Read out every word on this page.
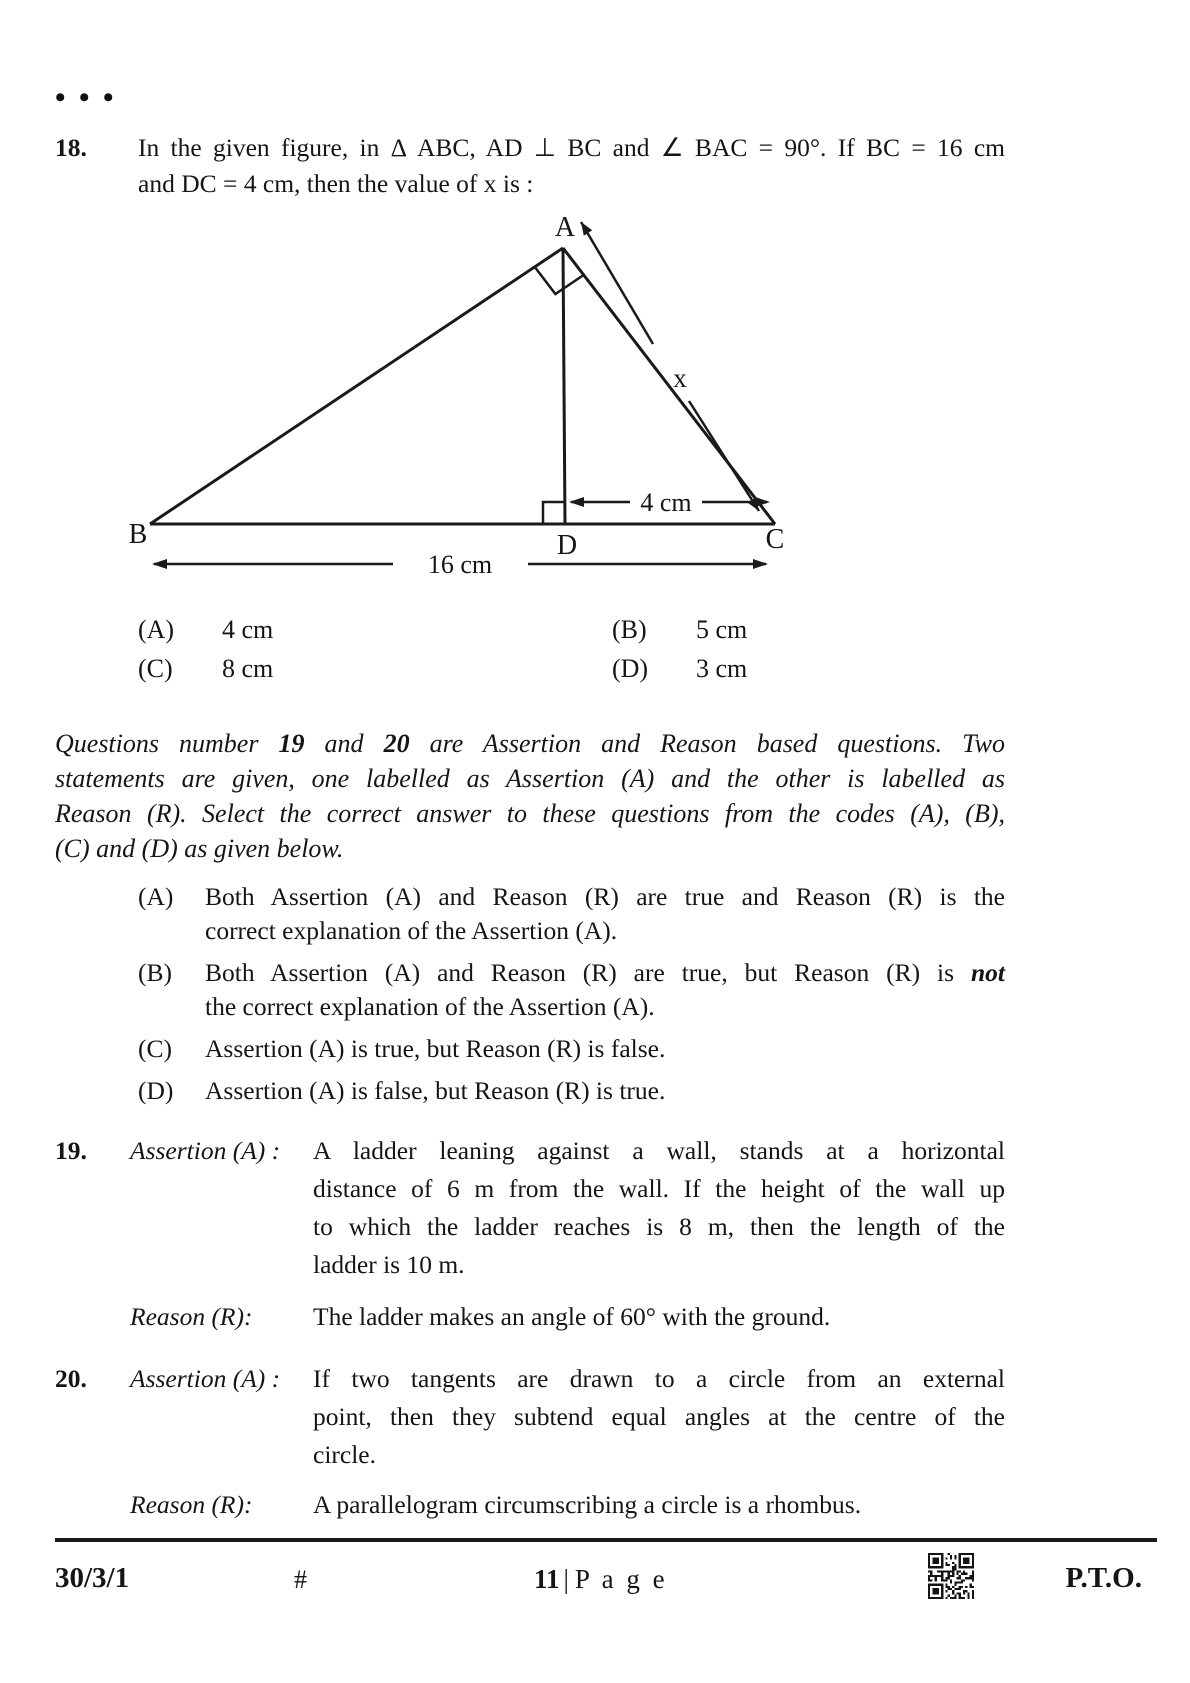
• • •
18.	In the given figure, in Δ ABC, AD ⊥ BC and ∠ BAC = 90°. If BC = 16 cm
and DC = 4 cm, then the value of x is :
A
B	C
D
x
4 cm
16 cm
(A)	4 cm	(B)	5 cm
(C)	8 cm	(D)	3 cm
Questions number 19 and 20 are Assertion and Reason based questions. Two
statements are given, one labelled as Assertion (A) and the other is labelled as
Reason (R). Select the correct answer to these questions from the codes (A), (B),
(C) and (D) as given below.
(A)	Both Assertion (A) and Reason (R) are true and Reason (R) is the
correct explanation of the Assertion (A).
(B)	Both Assertion (A) and Reason (R) are true, but Reason (R) is not
the correct explanation of the Assertion (A).
(C)	Assertion (A) is true, but Reason (R) is false.
(D)	Assertion (A) is false, but Reason (R) is true.
19.	Assertion (A) :	A ladder leaning against a wall, stands at a horizontal
distance of 6 m from the wall. If the height of the wall up
to which the ladder reaches is 8 m, then the length of the
ladder is 10 m.
Reason (R):	The ladder makes an angle of 60° with the ground.
20.	Assertion (A) :	If two tangents are drawn to a circle from an external
point, then they subtend equal angles at the centre of the
circle.
Reason (R):	A parallelogram circumscribing a circle is a rhombus.
30/3/1	#	11 | P a g e	P.T.O.
